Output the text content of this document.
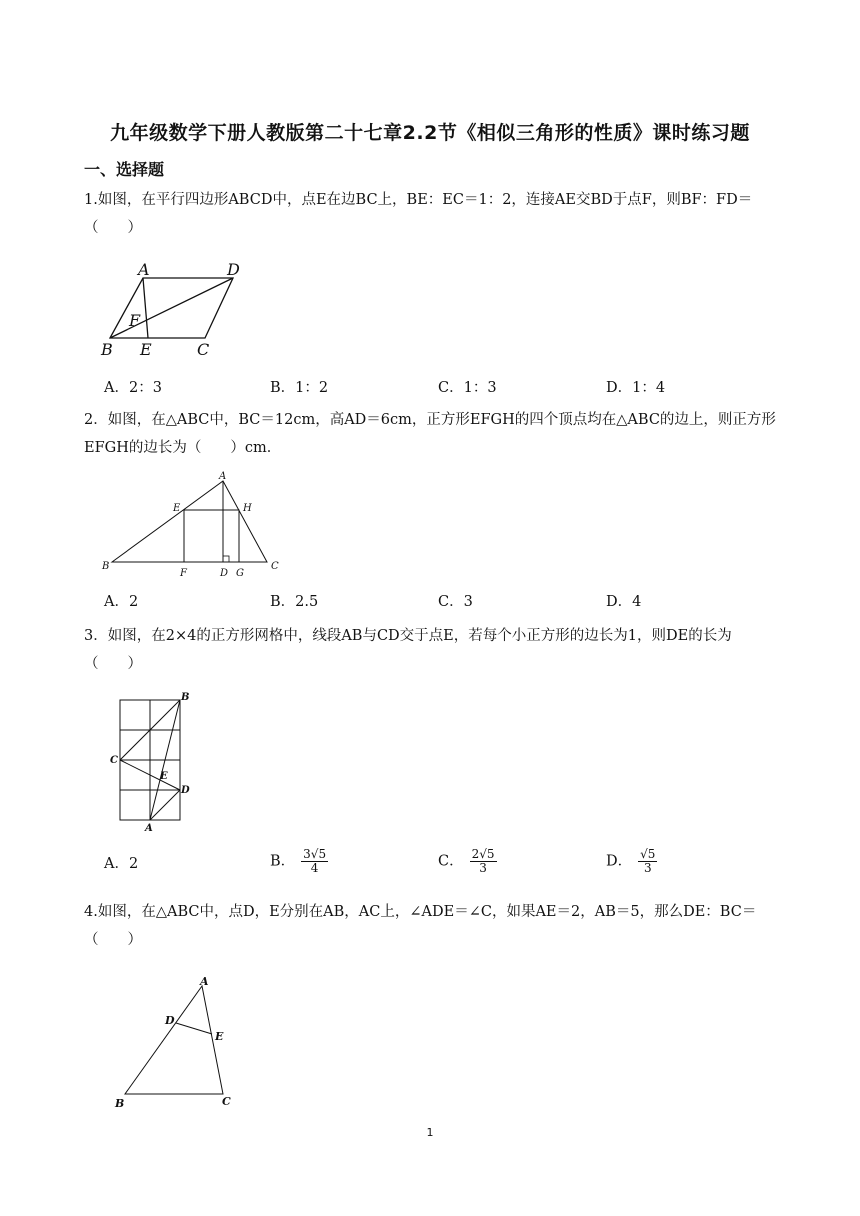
九年级数学下册人教版第二十七章2.2节《相似三角形的性质》课时练习题
一、选择题
1.如图，在平行四边形ABCD中，点E在边BC上，BE：EC＝1：2，连接AE交BD于点F，则BF：FD＝（　　）
A	D
F
B E	C
A．2：3	B．1：2	C．1：3	D．1：4
2．如图，在△ABC中，BC＝12cm，高AD＝6cm，正方形EFGH的四个顶点均在△ABC的边上，则正方形EFGH的边长为（　　）cm．
A
E	H
B
F	D G
C
A．2	B．2.5	C．3	D．4
3．如图，在2×4的正方形网格中，线段AB与CD交于点E，若每个小正方形的边长为1，则DE的长为（　　）
B
C
E
D
A
A．2	B． $\frac{3√5}{4}$	C． $\frac{2√5}{3}$	D． $\frac{√5}{3}$
4.如图，在△ABC中，点D，E分别在AB，AC上，∠ADE＝∠C，如果AE＝2，AB＝5，那么DE：BC＝（　　）
A
D
E
B	C
1
